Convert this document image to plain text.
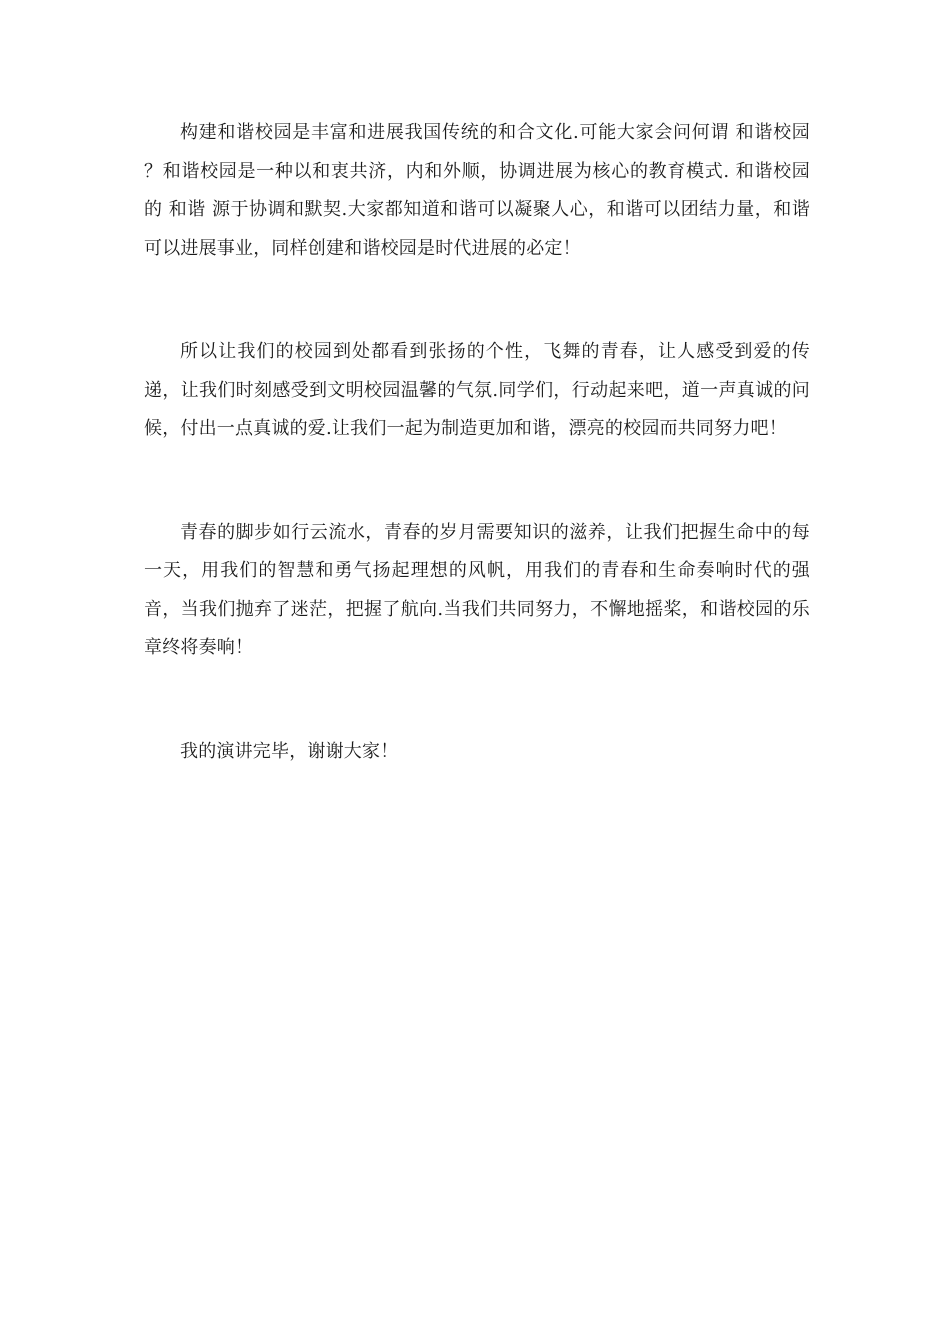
构建和谐校园是丰富和进展我国传统的和合文化.可能大家会问何谓 和谐校园 ？和谐校园是一种以和衷共济，内和外顺，协调进展为核心的教育模式. 和谐校园 的 和谐 源于协调和默契.大家都知道和谐可以凝聚人心，和谐可以团结力量，和谐可以进展事业，同样创建和谐校园是时代进展的必定！

所以让我们的校园到处都看到张扬的个性，飞舞的青春，让人感受到爱的传递，让我们时刻感受到文明校园温馨的气氛.同学们，行动起来吧，道一声真诚的问候，付出一点真诚的爱.让我们一起为制造更加和谐，漂亮的校园而共同努力吧！

青春的脚步如行云流水，青春的岁月需要知识的滋养，让我们把握生命中的每一天，用我们的智慧和勇气扬起理想的风帆，用我们的青春和生命奏响时代的强音，当我们抛弃了迷茫，把握了航向.当我们共同努力，不懈地摇桨，和谐校园的乐章终将奏响！

我的演讲完毕，谢谢大家！
